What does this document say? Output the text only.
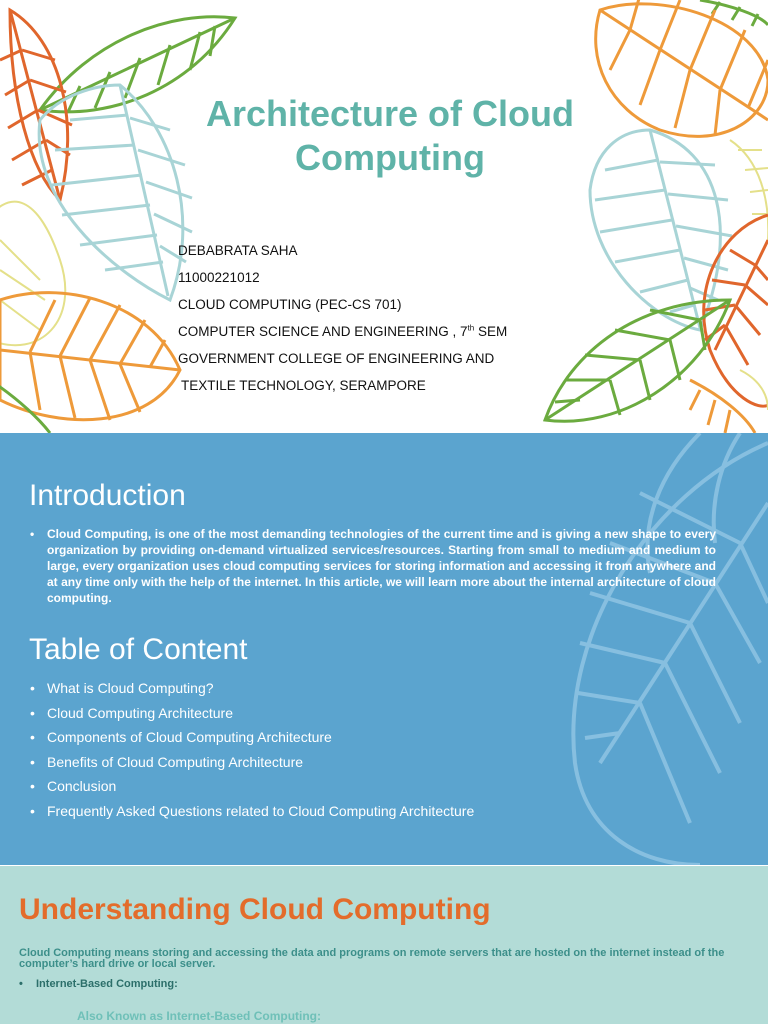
Architecture of Cloud Computing
DEBABRATA SAHA
11000221012
CLOUD COMPUTING (PEC-CS 701)
COMPUTER SCIENCE AND ENGINEERING , 7th SEM
GOVERNMENT COLLEGE OF ENGINEERING AND
TEXTILE TECHNOLOGY, SERAMPORE
Introduction
•	Cloud Computing, is one of the most demanding technologies of the current time and is giving a new shape to every organization by providing on-demand virtualized services/resources. Starting from small to medium and medium to large, every organization uses cloud computing services for storing information and accessing it from anywhere and at any time only with the help of the internet. In this article, we will learn more about the internal architecture of cloud computing.
Table of Content
• What is Cloud Computing?
• Cloud Computing Architecture
• Components of Cloud Computing Architecture
• Benefits of Cloud Computing Architecture
• Conclusion
• Frequently Asked Questions related to Cloud Computing Architecture
Understanding Cloud Computing

Cloud Computing means storing and accessing the data and programs on remote servers that are hosted on the internet instead of the computer’s hard drive or local server.

• Internet-Based Computing:
Also Known as Internet-Based Computing:
